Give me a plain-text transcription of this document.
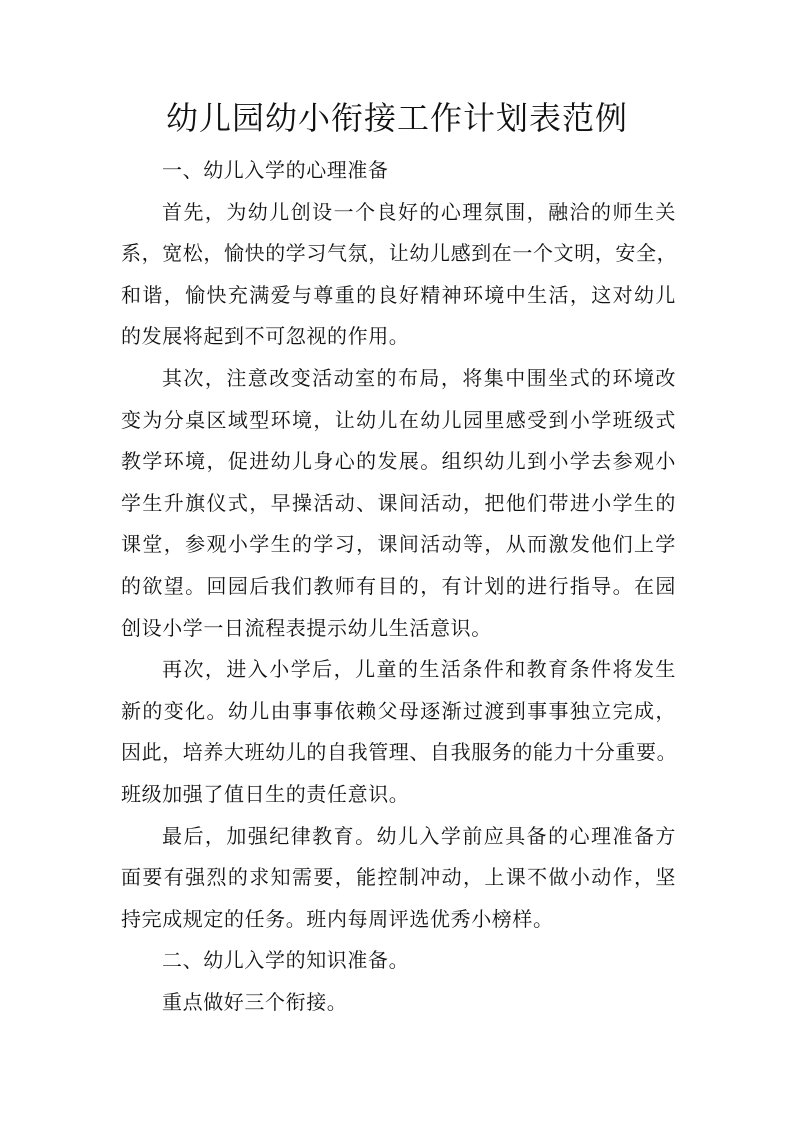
幼儿园幼小衔接工作计划表范例
一、幼儿入学的心理准备
首先，为幼儿创设一个良好的心理氛围，融洽的师生关
系，宽松，愉快的学习气氛，让幼儿感到在一个文明，安全，
和谐，愉快充满爱与尊重的良好精神环境中生活，这对幼儿
的发展将起到不可忽视的作用。
其次，注意改变活动室的布局，将集中围坐式的环境改
变为分桌区域型环境，让幼儿在幼儿园里感受到小学班级式
教学环境，促进幼儿身心的发展。组织幼儿到小学去参观小
学生升旗仪式，早操活动、课间活动，把他们带进小学生的
课堂，参观小学生的学习，课间活动等，从而激发他们上学
的欲望。回园后我们教师有目的，有计划的进行指导。在园
创设小学一日流程表提示幼儿生活意识。
再次，进入小学后，儿童的生活条件和教育条件将发生
新的变化。幼儿由事事依赖父母逐渐过渡到事事独立完成，
因此，培养大班幼儿的自我管理、自我服务的能力十分重要。
班级加强了值日生的责任意识。
最后，加强纪律教育。幼儿入学前应具备的心理准备方
面要有强烈的求知需要，能控制冲动，上课不做小动作，坚
持完成规定的任务。班内每周评选优秀小榜样。
二、幼儿入学的知识准备。
重点做好三个衔接。
